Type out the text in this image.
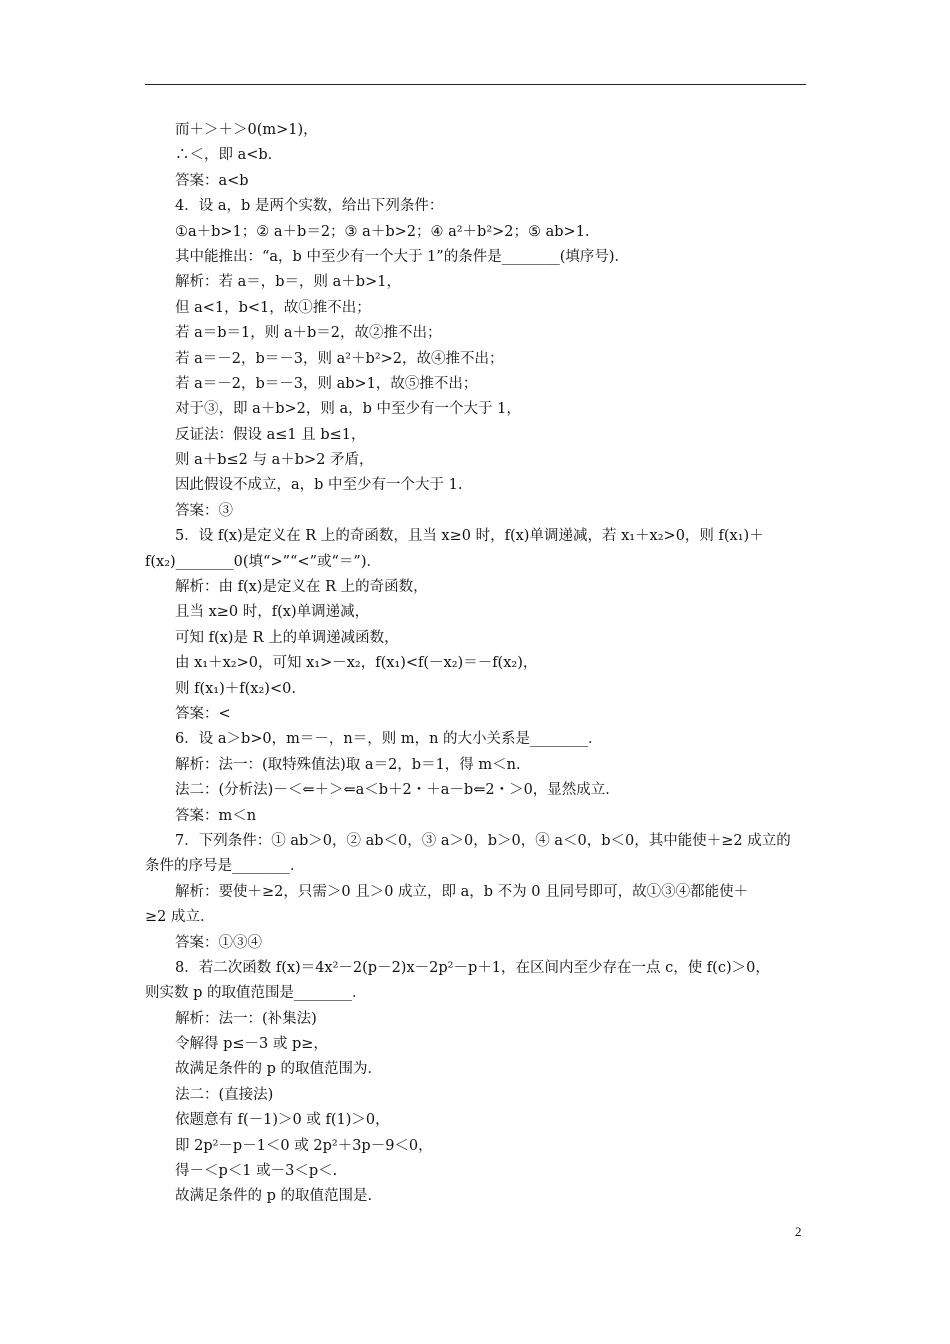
而＋＞＋＞0(m>1)，
∴＜，即 a<b.
答案：a<b
4．设 a，b 是两个实数，给出下列条件：
①a＋b>1；② a＋b＝2；③ a＋b>2；④ a²＋b²>2；⑤ ab>1.
其中能推出：“a，b 中至少有一个大于 1”的条件是________(填序号)．
解析：若 a＝，b＝，则 a＋b>1，
但 a<1，b<1，故①推不出；
若 a＝b＝1，则 a＋b＝2，故②推不出；
若 a＝－2，b＝－3，则 a²＋b²>2，故④推不出；
若 a＝－2，b＝－3，则 ab>1，故⑤推不出；
对于③，即 a＋b>2，则 a，b 中至少有一个大于 1，
反证法：假设 a≤1 且 b≤1，
则 a＋b≤2 与 a＋b>2 矛盾，
因此假设不成立，a，b 中至少有一个大于 1.
答案：③
5．设 f(x)是定义在 R 上的奇函数，且当 x≥0 时，f(x)单调递减，若 x₁＋x₂>0，则 f(x₁)＋
f(x₂)________0(填“>”“<”或“＝”)．
解析：由 f(x)是定义在 R 上的奇函数，
且当 x≥0 时，f(x)单调递减，
可知 f(x)是 R 上的单调递减函数，
由 x₁＋x₂>0，可知 x₁>－x₂，f(x₁)<f(－x₂)＝－f(x₂)，
则 f(x₁)＋f(x₂)<0.
答案：<
6．设 a＞b>0，m＝－，n＝，则 m，n 的大小关系是________．
解析：法一：(取特殊值法)取 a＝2，b＝1，得 m＜n.
法二：(分析法)－＜⇐＋＞⇐a＜b＋2・＋a－b⇐2・＞0，显然成立．
答案：m＜n
7．下列条件：① ab＞0，② ab＜0，③ a＞0，b＞0，④ a＜0，b＜0，其中能使＋≥2 成立的
条件的序号是________．
解析：要使＋≥2，只需＞0 且＞0 成立，即 a，b 不为 0 且同号即可，故①③④都能使＋
≥2 成立．
答案：①③④
8．若二次函数 f(x)＝4x²－2(p－2)x－2p²－p＋1，在区间内至少存在一点 c，使 f(c)＞0，
则实数 p 的取值范围是________．
解析：法一：(补集法)
令解得 p≤－3 或 p≥，
故满足条件的 p 的取值范围为．
法二：(直接法)
依题意有 f(－1)＞0 或 f(1)＞0，
即 2p²－p－1＜0 或 2p²＋3p－9＜0，
得－＜p＜1 或－3＜p＜.
故满足条件的 p 的取值范围是.
2
